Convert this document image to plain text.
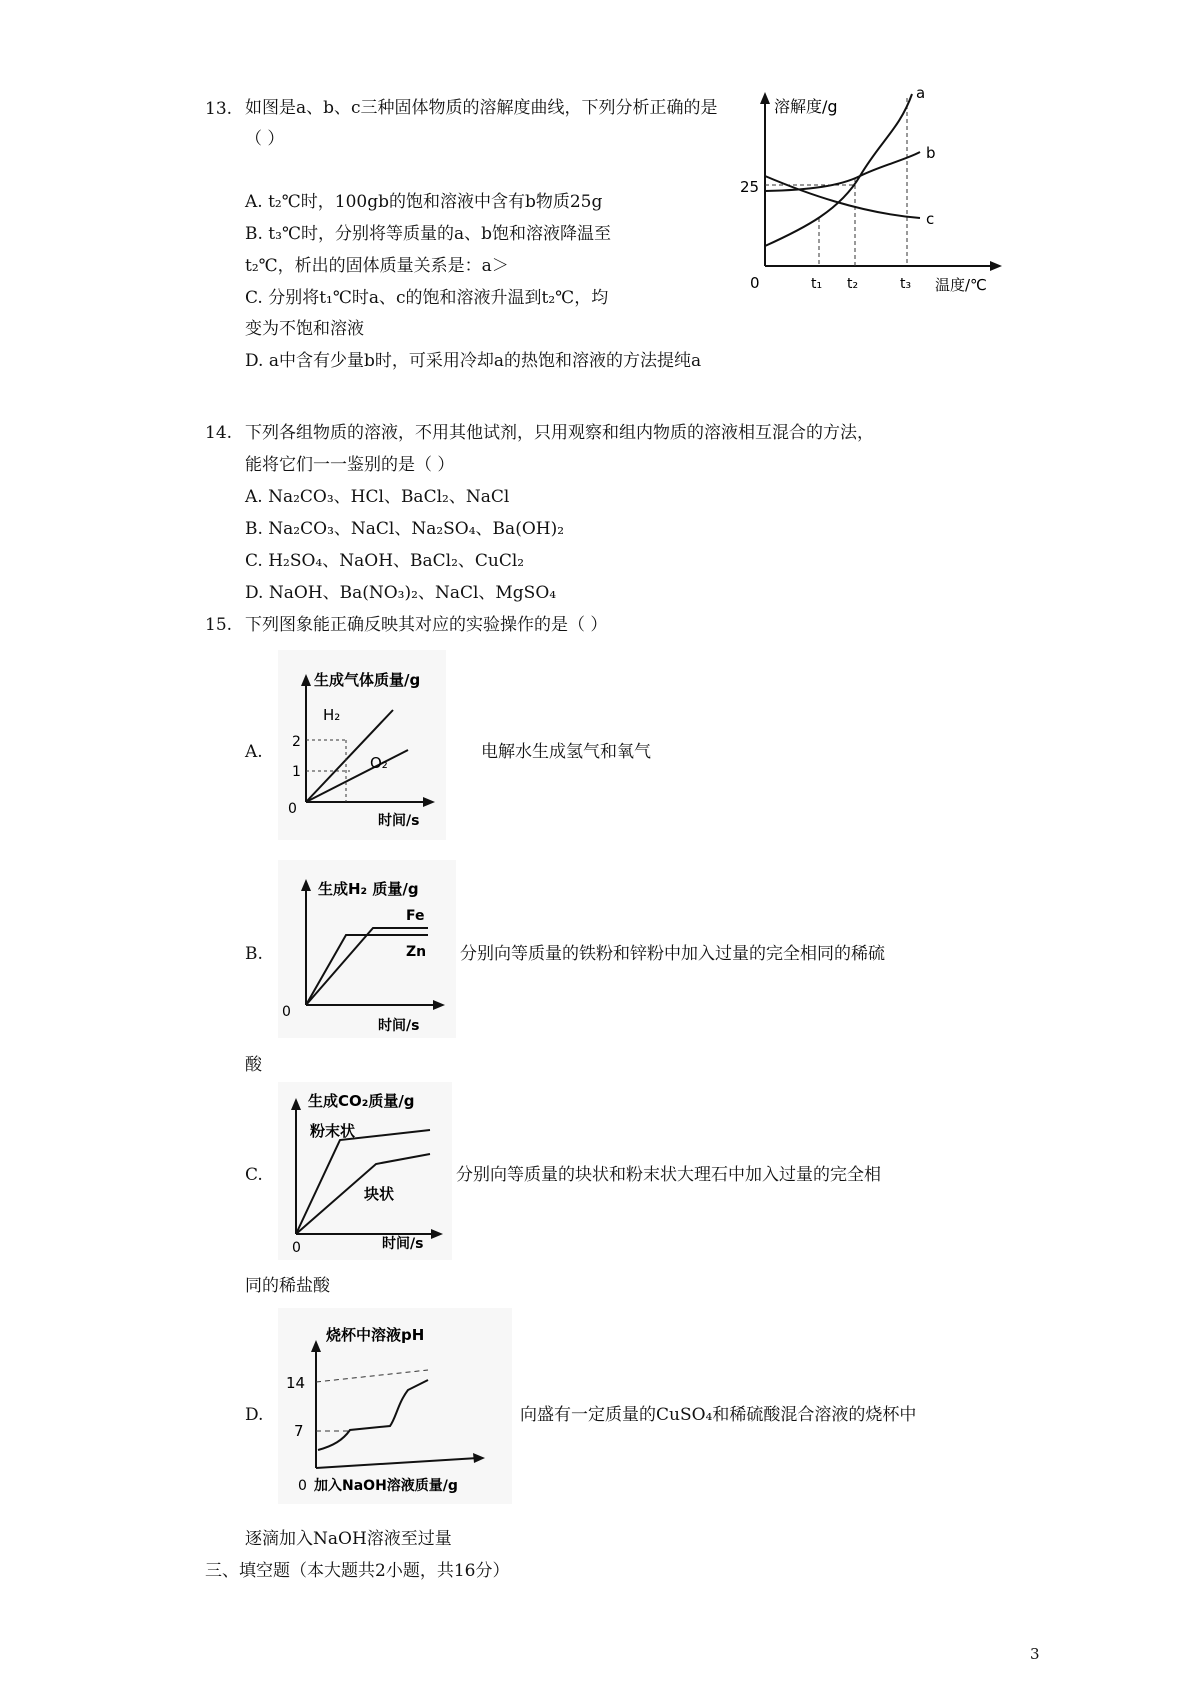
13. 如图是a、b、c三种固体物质的溶解度曲线，下列分析正确的是（ ）
A. t₂℃时，100gb的饱和溶液中含有b物质25g
B. t₃℃时，分别将等质量的a、b饱和溶液降温至
t₂℃，析出的固体质量关系是：a＞
C. 分别将t₁℃时a、c的饱和溶液升温到t₂℃，均
变为不饱和溶液
D. a中含有少量b时，可采用冷却a的热饱和溶液的方法提纯a
溶解度/g
a
b
c
25
0	t₁ t₂	t₃ 温度/℃
14. 下列各组物质的溶液，不用其他试剂，只用观察和组内物质的溶液相互混合的方法，
能将它们一一鉴别的是（ ）
A. Na₂CO₃、HCl、BaCl₂、NaCl
B. Na₂CO₃、NaCl、Na₂SO₄、Ba(OH)₂
C. H₂SO₄、NaOH、BaCl₂、CuCl₂
D. NaOH、Ba(NO₃)₂、NaCl、MgSO₄
15. 下列图象能正确反映其对应的实验操作的是（ ）
A.
生成气体质量/g
2
1
H₂
O₂
0
时间/s
电解水生成氢气和氧气
B.
生成H₂ 质量/g
Fe
Zn
0
时间/s
分别向等质量的铁粉和锌粉中加入过量的完全相同的稀硫
酸
C.
生成CO₂质量/g
粉末状
块状
0	时间/s
分别向等质量的块状和粉末状大理石中加入过量的完全相
同的稀盐酸
D.
烧杯中溶液pH
14
7
0 加入NaOH溶液质量/g
向盛有一定质量的CuSO₄和稀硫酸混合溶液的烧杯中
逐滴加入NaOH溶液至过量
三、填空题（本大题共2小题，共16分）
3
